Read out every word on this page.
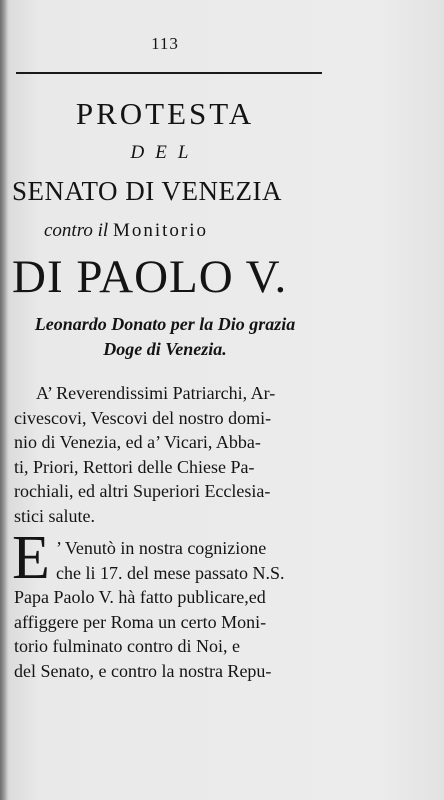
113
PROTESTA
DEL
SENATO DI VENEZIA
contro il Monitorio
DI PAOLO V.
Leonardo Donato per la Dio grazia
Doge di Venezia.
A’ Reverendissimi Patriarchi, Ar-
civescovi, Vescovi del nostro domi-
nio di Venezia, ed a’ Vicari, Abba-
ti, Priori, Rettori delle Chiese Pa-
rochiali, ed altri Superiori Ecclesia-
stici salute.
E ’ Venutò in nostra cognizione
che li 17. del mese passato N.S.
Papa Paolo V. hà fatto publicare,ed
affiggere per Roma un certo Moni-
torio fulminato contro di Noi, e
del Senato, e contro la nostra Repu-
